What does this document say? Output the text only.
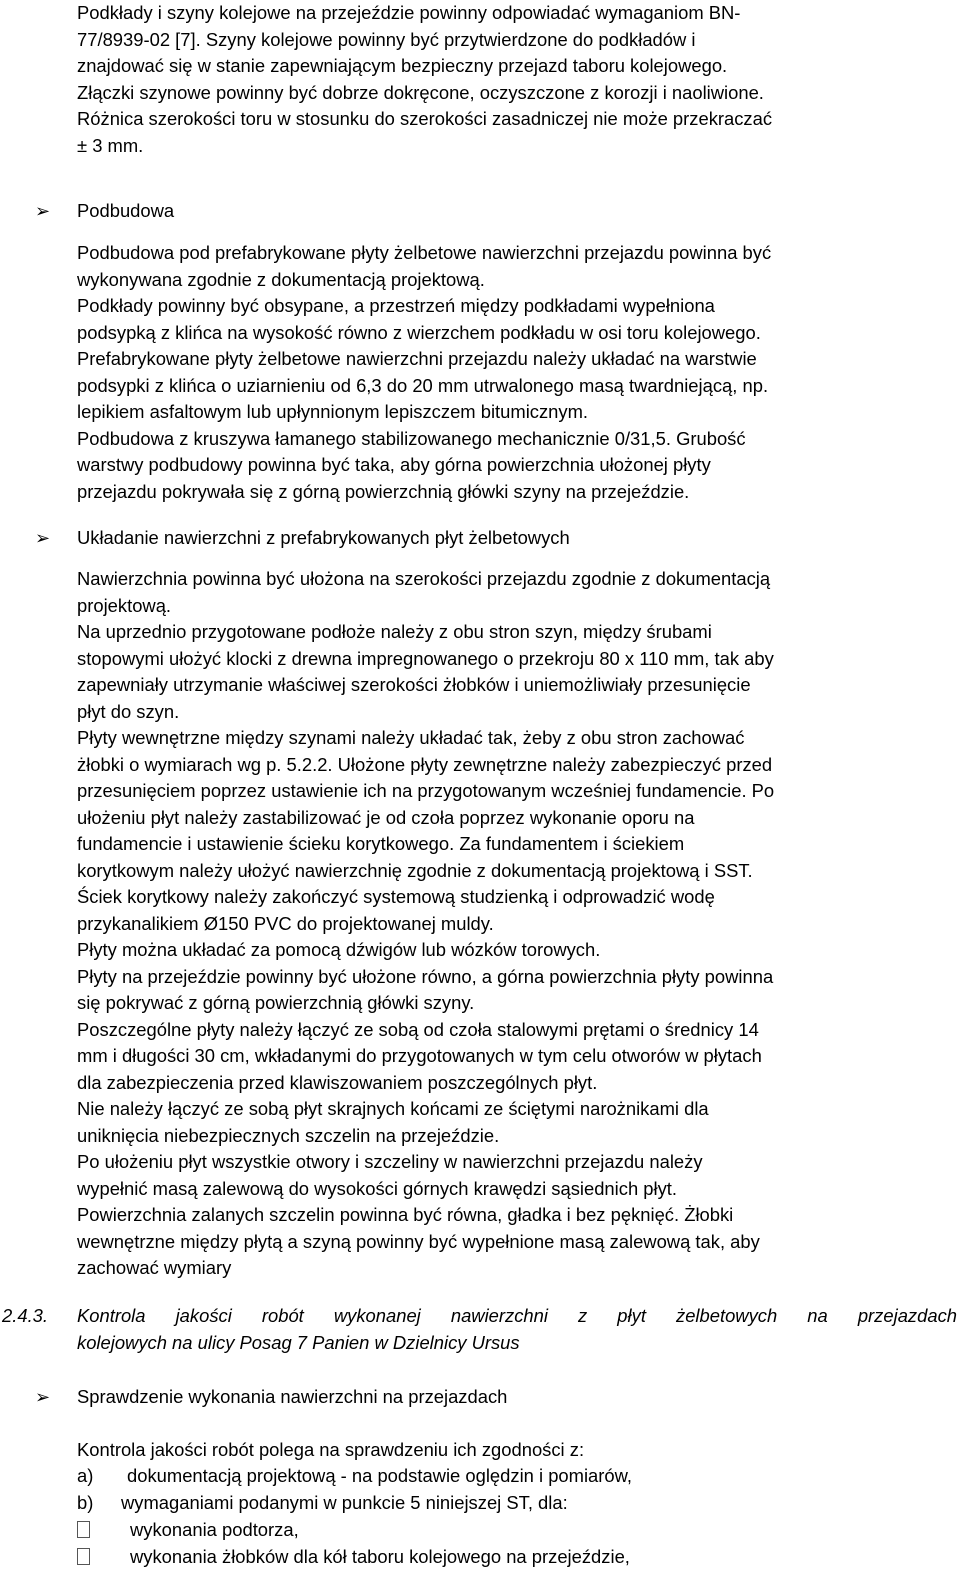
Podkłady i szyny kolejowe na przejeździe powinny odpowiadać wymaganiom BN-
77/8939-02 [7]. Szyny kolejowe powinny być przytwierdzone do podkładów i
znajdować się w stanie zapewniającym bezpieczny przejazd taboru kolejowego.
Złączki szynowe powinny być dobrze dokręcone, oczyszczone z korozji i naoliwione.
Różnica szerokości toru w stosunku do szerokości zasadniczej nie może przekraczać
± 3 mm.
➢ Podbudowa
Podbudowa pod prefabrykowane płyty żelbetowe nawierzchni przejazdu powinna być
wykonywana zgodnie z dokumentacją projektową.
Podkłady powinny być obsypane, a przestrzeń między podkładami wypełniona
podsypką z klińca na wysokość równo z wierzchem podkładu w osi toru kolejowego.
Prefabrykowane płyty żelbetowe nawierzchni przejazdu należy układać na warstwie
podsypki z klińca o uziarnieniu od 6,3 do 20 mm utrwalonego masą twardniejącą, np.
lepikiem asfaltowym lub upłynnionym lepiszczem bitumicznym.
Podbudowa z kruszywa łamanego stabilizowanego mechanicznie 0/31,5. Grubość
warstwy podbudowy powinna być taka, aby górna powierzchnia ułożonej płyty
przejazdu pokrywała się z górną powierzchnią główki szyny na przejeździe.
➢ Układanie nawierzchni z prefabrykowanych płyt żelbetowych
Nawierzchnia powinna być ułożona na szerokości przejazdu zgodnie z dokumentacją
projektową.
Na uprzednio przygotowane podłoże należy z obu stron szyn, między śrubami
stopowymi ułożyć klocki z drewna impregnowanego o przekroju 80 x 110 mm, tak aby
zapewniały utrzymanie właściwej szerokości żłobków i uniemożliwiały przesunięcie
płyt do szyn.
Płyty wewnętrzne między szynami należy układać tak, żeby z obu stron zachować
żłobki o wymiarach wg p. 5.2.2. Ułożone płyty zewnętrzne należy zabezpieczyć przed
przesunięciem poprzez ustawienie ich na przygotowanym wcześniej fundamencie. Po
ułożeniu płyt należy zastabilizować je od czoła poprzez wykonanie oporu na
fundamencie i ustawienie ścieku korytkowego. Za fundamentem i ściekiem
korytkowym należy ułożyć nawierzchnię zgodnie z dokumentacją projektową i SST.
Ściek korytkowy należy zakończyć systemową studzienką i odprowadzić wodę
przykanalikiem Ø150 PVC do projektowanej muldy.
Płyty można układać za pomocą dźwigów lub wózków torowych.
Płyty na przejeździe powinny być ułożone równo, a górna powierzchnia płyty powinna
się pokrywać z górną powierzchnią główki szyny.
Poszczególne płyty należy łączyć ze sobą od czoła stalowymi prętami o średnicy 14
mm i długości 30 cm, wkładanymi do przygotowanych w tym celu otworów w płytach
dla zabezpieczenia przed klawiszowaniem poszczególnych płyt.
Nie należy łączyć ze sobą płyt skrajnych końcami ze ściętymi narożnikami dla
uniknięcia niebezpiecznych szczelin na przejeździe.
Po ułożeniu płyt wszystkie otwory i szczeliny w nawierzchni przejazdu należy
wypełnić masą zalewową do wysokości górnych krawędzi sąsiednich płyt.
Powierzchnia zalanych szczelin powinna być równa, gładka i bez pęknięć. Żłobki
wewnętrzne między płytą a szyną powinny być wypełnione masą zalewową tak, aby
zachować wymiary
2.4.3. Kontrola jakości robót wykonanej nawierzchni z płyt żelbetowych na przejazdach
kolejowych na ulicy Posag 7 Panien w Dzielnicy Ursus
➢ Sprawdzenie wykonania nawierzchni na przejazdach
Kontrola jakości robót polega na sprawdzeniu ich zgodności z:
a) dokumentacją projektową - na podstawie oględzin i pomiarów,
b) wymaganiami podanymi w punkcie 5 niniejszej ST, dla:
wykonania podtorza,
wykonania żłobków dla kół taboru kolejowego na przejeździe,
